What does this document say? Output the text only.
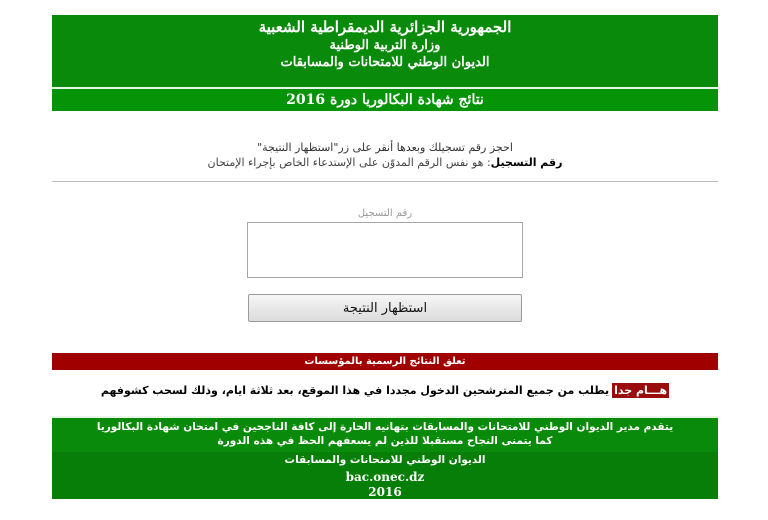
الجمهورية الجزائرية الديمقراطية الشعبية
وزارة التربية الوطنية
الديوان الوطني للامتحانات والمسابقات
نتائج شهادة البكالوريا دورة 2016
احجز رقم تسجيلك وبعدها أنقر على زر"استظهار النتيجة"
رقم التسجيل: هو نفس الرقم المدوّن على الإستدعاء الخاص بإجراء الإمتحان
رقم التسجيل
استظهار النتيجة
تعلق النتائج الرسمية بالمؤسسات
هـــام جدايطلب من جميع المترشحين الدخول مجددا في هذا الموقع، بعد ثلاثة ايام، وذلك لسحب كشوفهم
يتقدم مدير الديوان الوطني للامتحانات والمسابقات بتهانيه الحارة إلى كافة الناجحين في امتحان شهادة البكالوريا
كما يتمنى النجاح مستقبلا للذين لم يسعفهم الحظ في هذه الدورة
الديوان الوطني للامتحانات والمسابقات
bac.onec.dz
2016
